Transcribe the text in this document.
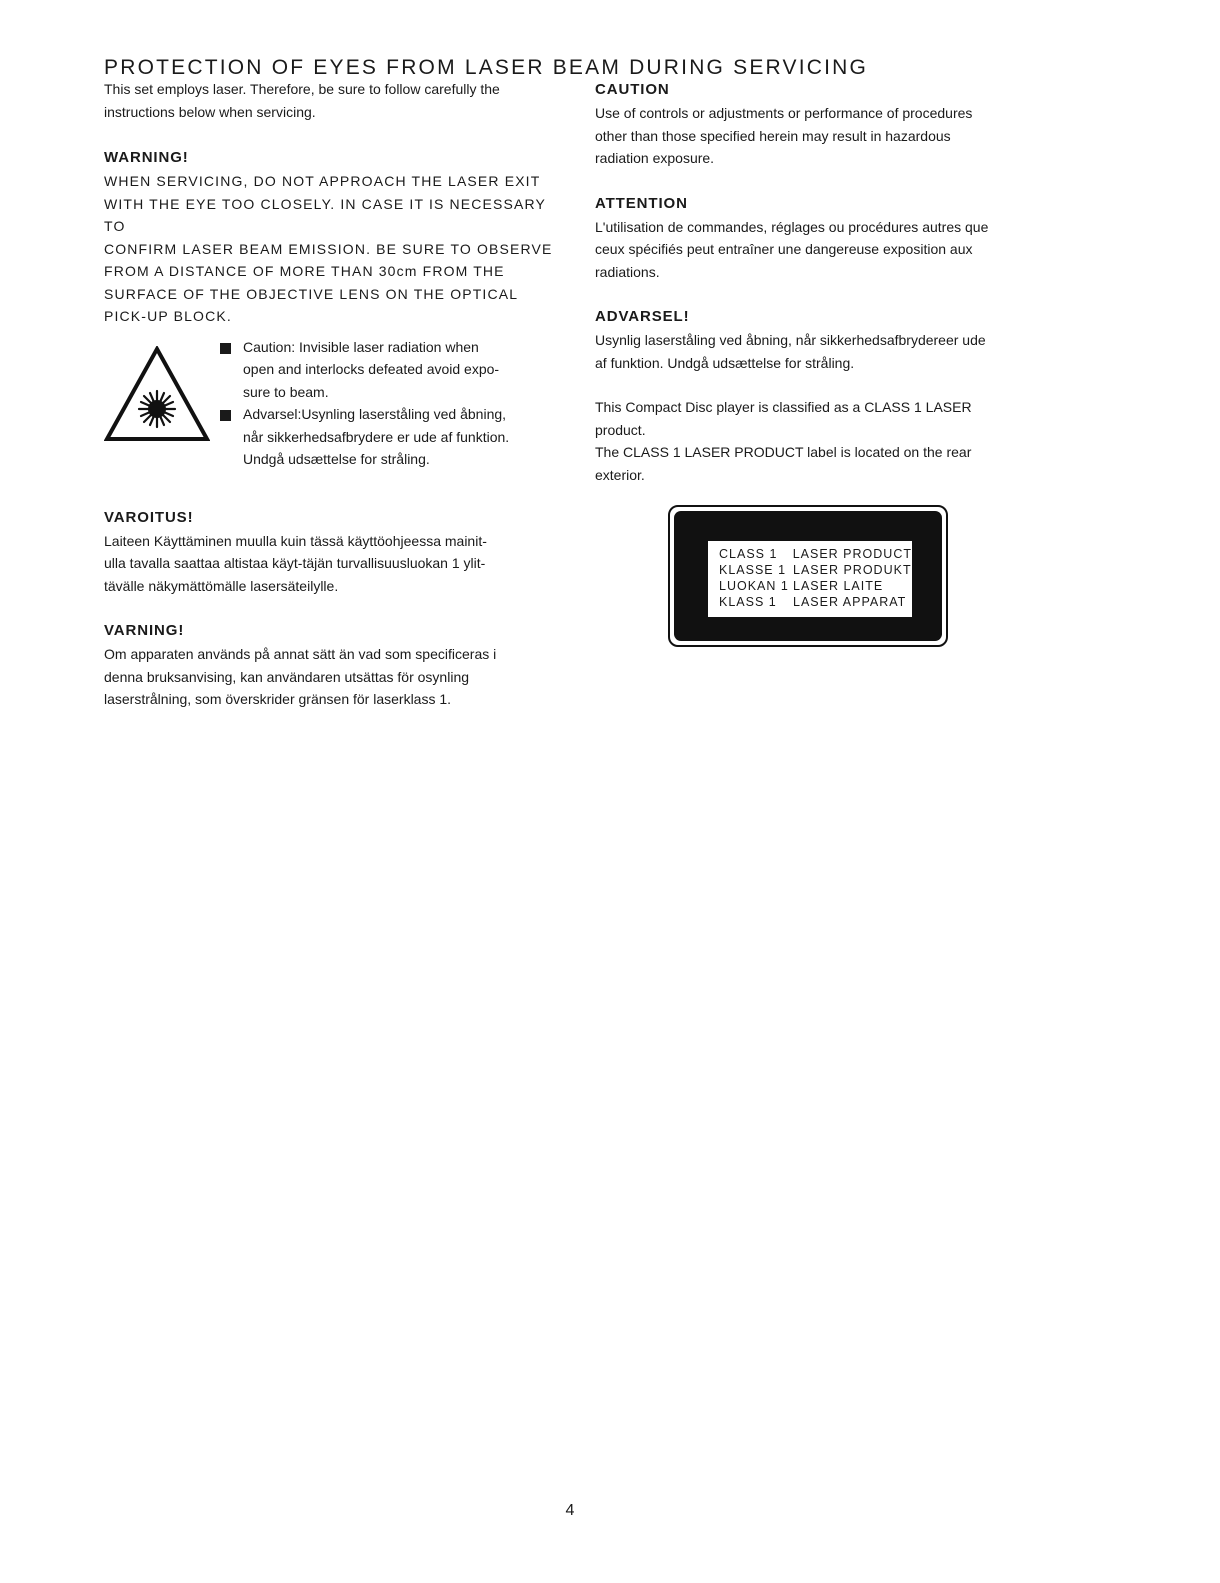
PROTECTION OF EYES FROM LASER BEAM DURING SERVICING

This set employs laser. Therefore, be sure to follow carefully the

instructions below when servicing.

WARNING!

WHEN SERVICING, DO NOT APPROACH THE LASER EXIT
WITH THE EYE TOO CLOSELY. IN CASE IT IS NECESSARY TO
CONFIRM LASER BEAM EMISSION. BE SURE TO OBSERVE
FROM A DISTANCE OF MORE THAN 30cm FROM THE
SURFACE OF THE OBJECTIVE LENS ON THE OPTICAL
PICK-UP BLOCK.
Caution: Invisible laser radiation when
open and interlocks defeated avoid expo-
sure to beam.
Advarsel:Usynling laserståling ved åbning,
når sikkerhedsafbrydere er ude af funktion.
Undgå udsættelse for stråling.

VAROITUS!

Laiteen Käyttäminen muulla kuin tässä käyttöohjeessa mainit-
ulla tavalla saattaa altistaa käyt-täjän turvallisuusluokan 1 ylit-
tävälle näkymättömälle lasersäteilylle.

VARNING!

Om apparaten används på annat sätt än vad som specificeras i
denna bruksanvising, kan användaren utsättas för osynling
laserstrålning, som överskrider gränsen för laserklass 1.

CAUTION

Use of controls or adjustments or performance of procedures
other than those specified herein may result in hazardous
radiation exposure.

ATTENTION

L'utilisation de commandes, réglages ou procédures autres que
ceux spécifiés peut entraîner une dangereuse exposition aux
radiations.

ADVARSEL!

Usynlig laserståling ved åbning, når sikkerhedsafbrydereer ude
af funktion. Undgå udsættelse for stråling.
This Compact Disc player is classified as a CLASS 1 LASER
product.
The CLASS 1 LASER PRODUCT label is located on the rear
exterior.
CLASS 1	LASER PRODUCT
KLASSE 1 LASER PRODUKT
LUOKAN 1 LASER LAITE
KLASS 1	LASER APPARAT
4
